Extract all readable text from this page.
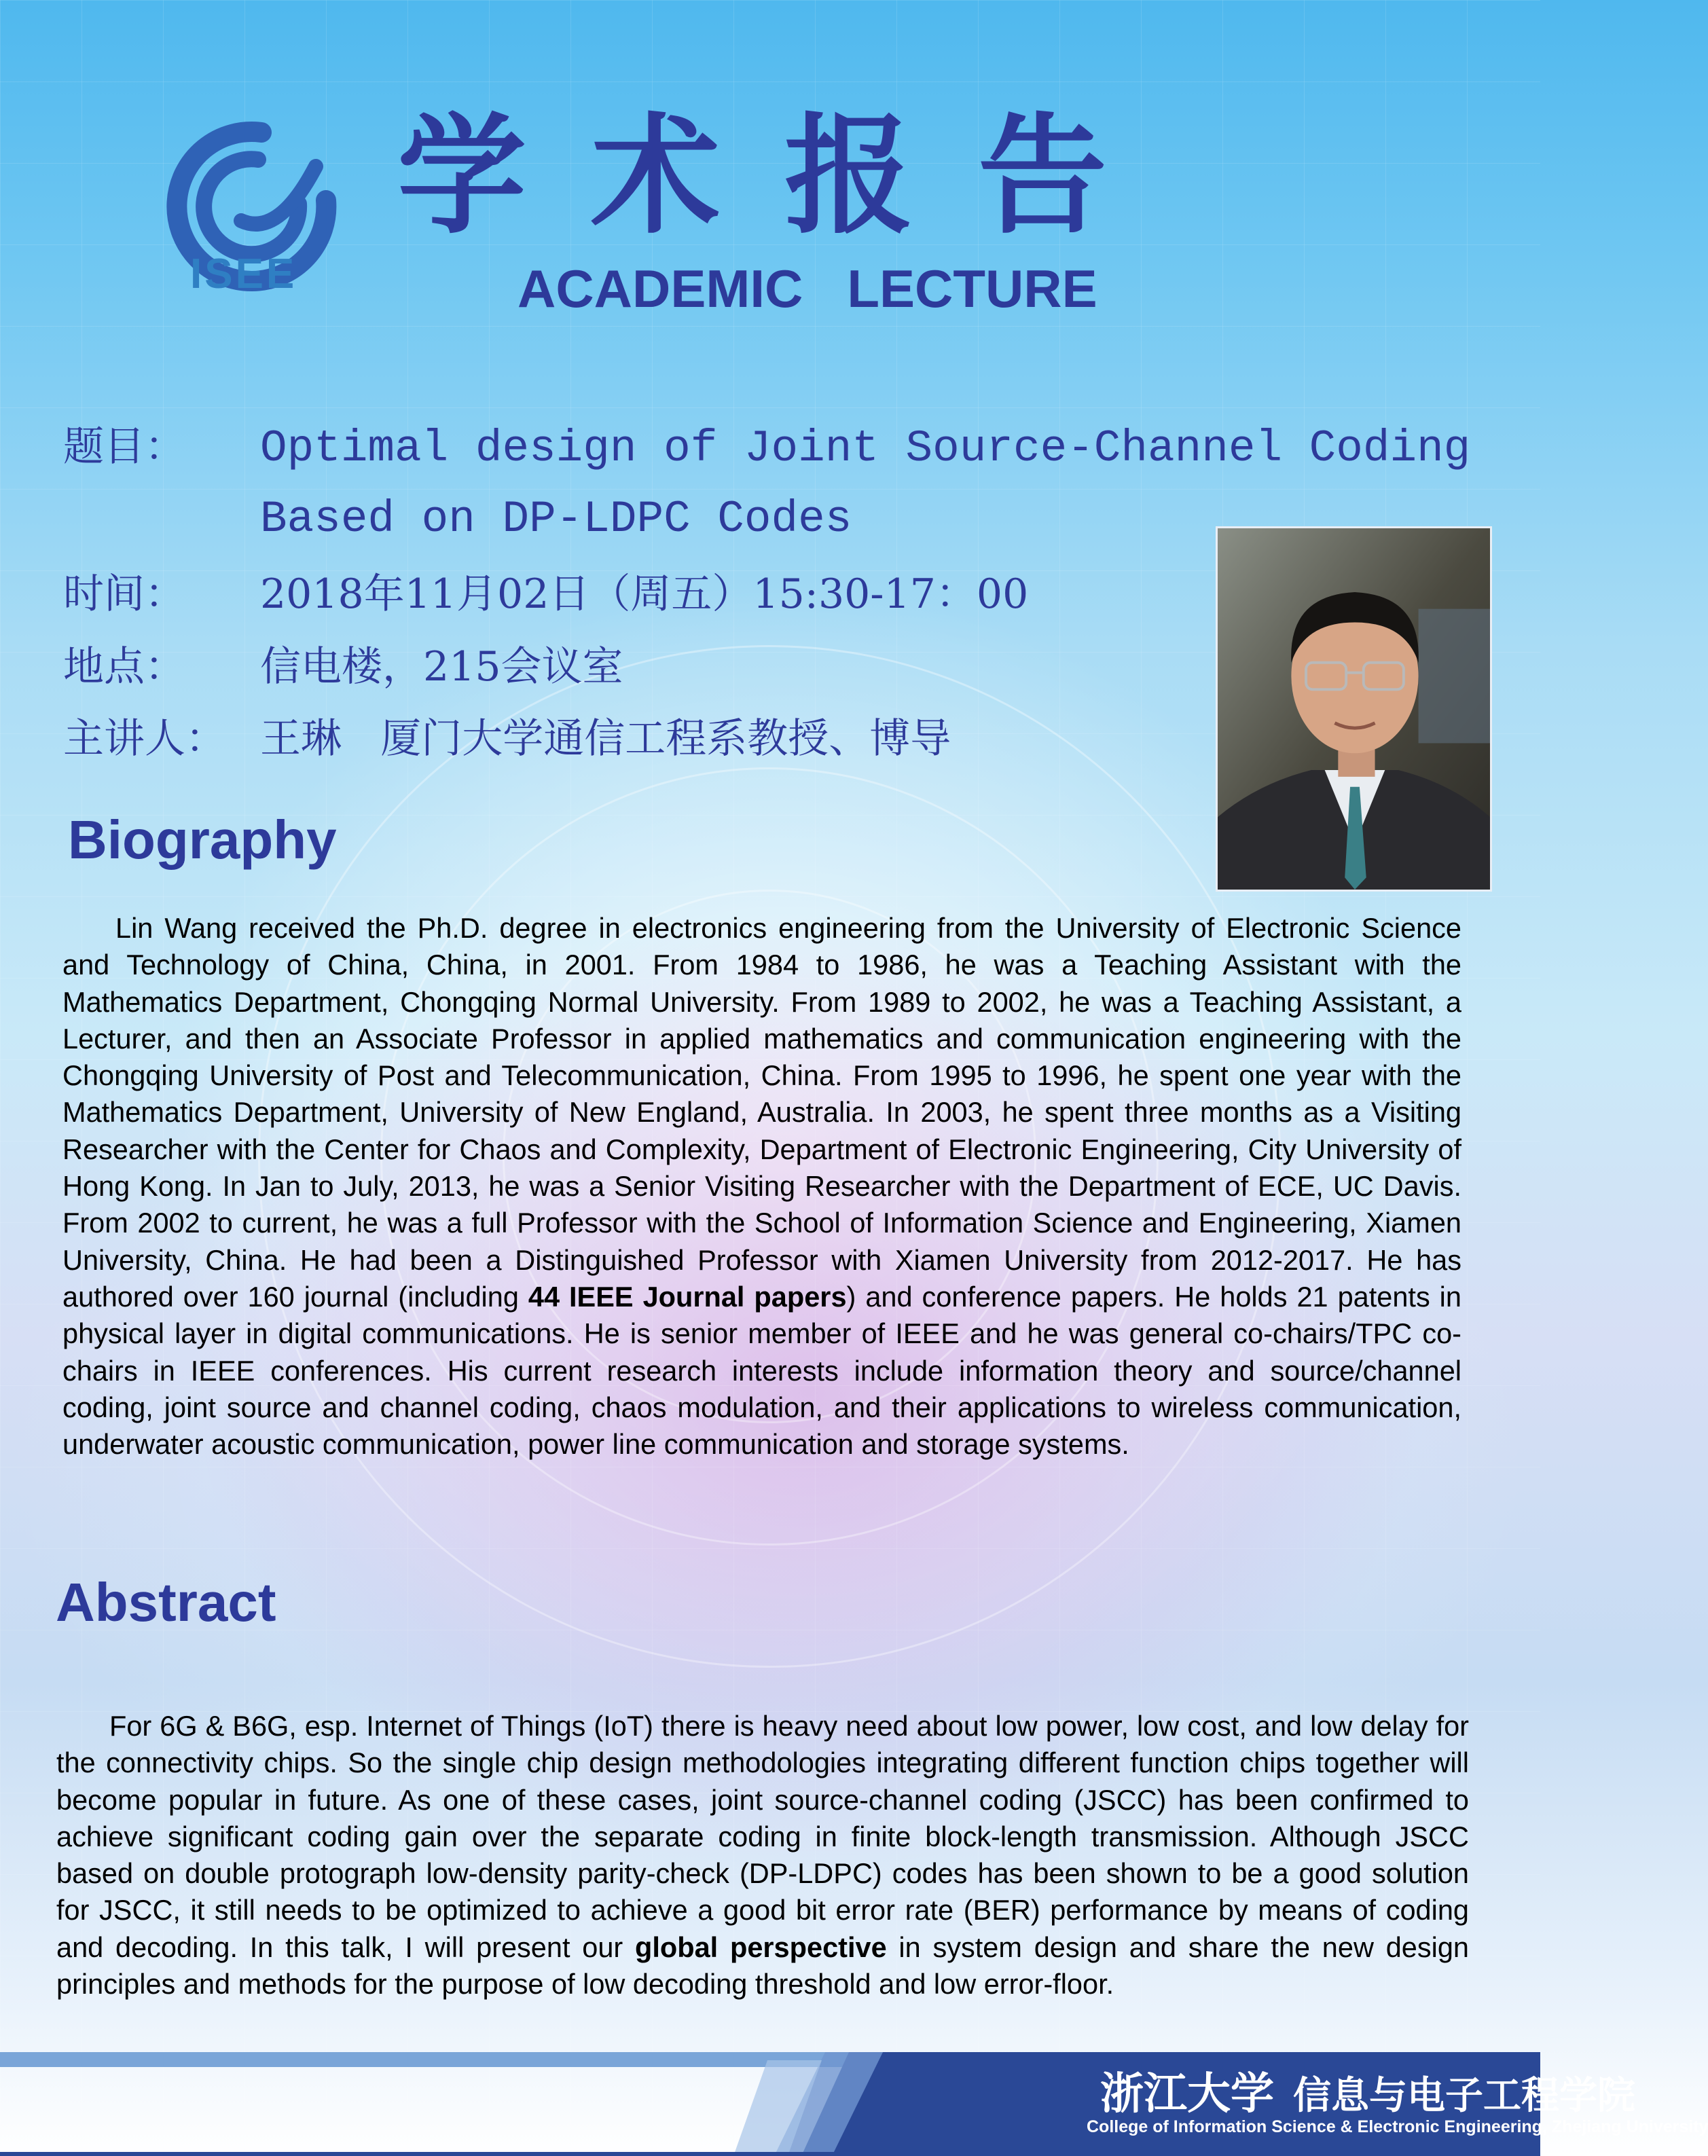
ISEE
学术报告
ACADEMIC   LECTURE
题目： Optimal design of Joint Source-Channel Coding
Based on DP-LDPC Codes
时间： 2018年11月02日（周五）15:30-17：00
地点： 信电楼，215会议室
主讲人： 王琳   厦门大学通信工程系教授、博导
Biography

Lin Wang received the Ph.D. degree in electronics engineering from the University of Electronic Science and Technology of China, China, in 2001. From 1984 to 1986, he was a Teaching Assistant with the Mathematics Department, Chongqing Normal University. From 1989 to 2002, he was a Teaching Assistant, a Lecturer, and then an Associate Professor in applied mathematics and communication engineering with the Chongqing University of Post and Telecommunication, China. From 1995 to 1996, he spent one year with the Mathematics Department, University of New England, Australia. In 2003, he spent three months as a Visiting Researcher with the Center for Chaos and Complexity, Department of Electronic Engineering, City University of Hong Kong. In Jan to July, 2013, he was a Senior Visiting Researcher with the Department of ECE, UC Davis. From 2002 to current, he was a full Professor with the School of Information Science and Engineering, Xiamen University, China. He had been a Distinguished Professor with Xiamen University from 2012-2017. He has authored over 160 journal (including 44 IEEE Journal papers) and conference papers. He holds 21 patents in physical layer in digital communications. He is senior member of IEEE and he was general co-chairs/TPC co-chairs in IEEE conferences. His current research interests include information theory and source/channel coding, joint source and channel coding, chaos modulation, and their applications to wireless communication, underwater acoustic communication, power line communication and storage systems.

Abstract

For 6G & B6G, esp. Internet of Things (IoT) there is heavy need about low power, low cost, and low delay for the connectivity chips. So the single chip design methodologies integrating different function chips together will become popular in future. As one of these cases, joint source-channel coding (JSCC) has been confirmed to achieve significant coding gain over the separate coding in finite block-length transmission. Although JSCC based on double protograph low-density parity-check (DP-LDPC) codes has been shown to be a good solution for JSCC, it still needs to be optimized to achieve a good bit error rate (BER) performance by means of coding and decoding. In this talk, I will present our global perspective in system design and share the new design principles and methods for the purpose of low decoding threshold and low error-floor.

浙江大学 信息与电子工程学院
College of Information Science & Electronic Engineering, Zhejiang University
